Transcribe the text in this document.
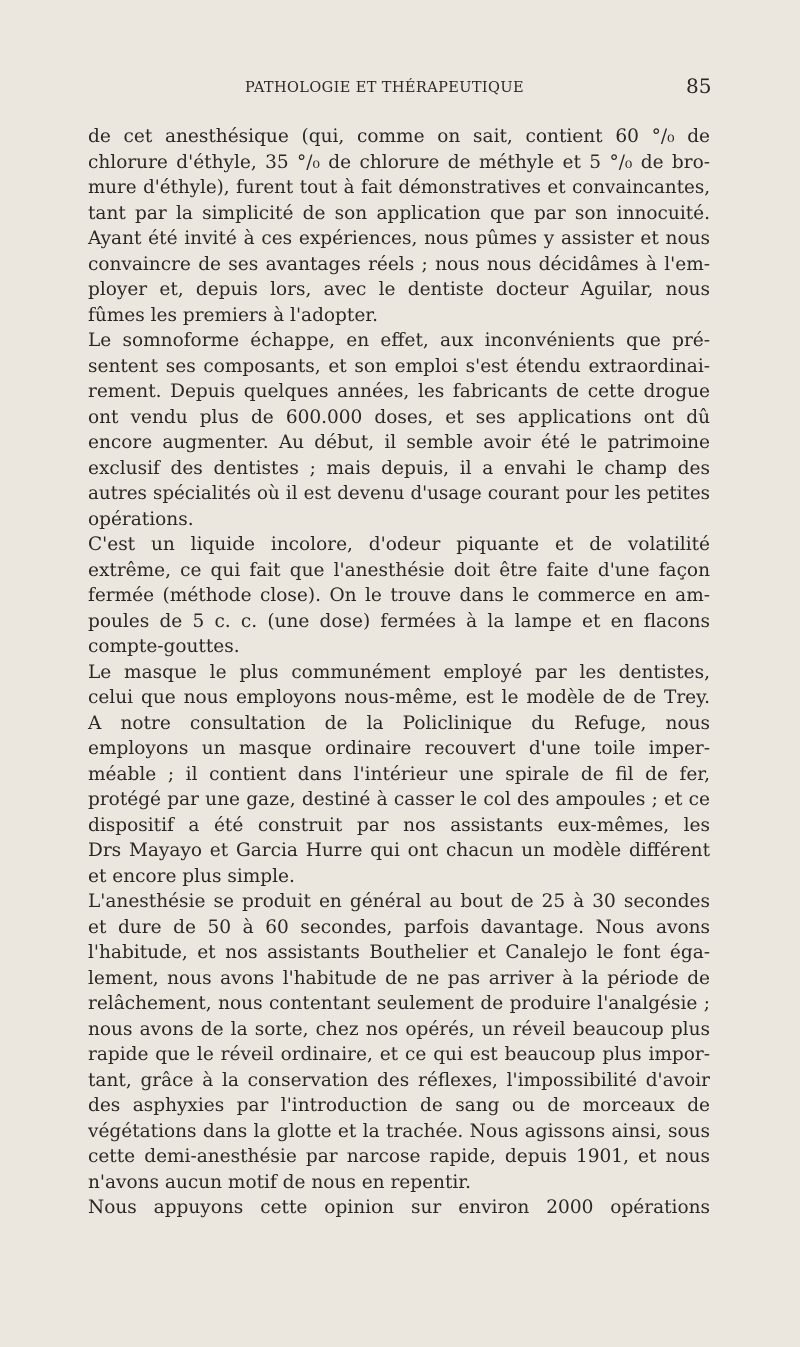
PATHOLOGIE ET THÉRAPEUTIQUE	85
de cet anesthésique (qui, comme on sait, contient 60 °/₀ de
chlorure d'éthyle, 35 °/₀ de chlorure de méthyle et 5 °/₀ de bro-
mure d'éthyle), furent tout à fait démonstratives et convaincantes,
tant par la simplicité de son application que par son innocuité.
Ayant été invité à ces expériences, nous pûmes y assister et nous
convaincre de ses avantages réels ; nous nous décidâmes à l'em-
ployer et, depuis lors, avec le dentiste docteur Aguilar, nous
fûmes les premiers à l'adopter.
Le somnoforme échappe, en effet, aux inconvénients que pré-
sentent ses composants, et son emploi s'est étendu extraordinai-
rement. Depuis quelques années, les fabricants de cette drogue
ont vendu plus de 600.000 doses, et ses applications ont dû
encore augmenter. Au début, il semble avoir été le patrimoine
exclusif des dentistes ; mais depuis, il a envahi le champ des
autres spécialités où il est devenu d'usage courant pour les petites
opérations.
C'est un liquide incolore, d'odeur piquante et de volatilité
extrême, ce qui fait que l'anesthésie doit être faite d'une façon
fermée (méthode close). On le trouve dans le commerce en am-
poules de 5 c. c. (une dose) fermées à la lampe et en flacons
compte-gouttes.
Le masque le plus communément employé par les dentistes,
celui que nous employons nous-même, est le modèle de de Trey.
A notre consultation de la Policlinique du Refuge, nous
employons un masque ordinaire recouvert d'une toile imper-
méable ; il contient dans l'intérieur une spirale de fil de fer,
protégé par une gaze, destiné à casser le col des ampoules ; et ce
dispositif a été construit par nos assistants eux-mêmes, les
Drs Mayayo et Garcia Hurre qui ont chacun un modèle différent
et encore plus simple.
L'anesthésie se produit en général au bout de 25 à 30 secondes
et dure de 50 à 60 secondes, parfois davantage. Nous avons
l'habitude, et nos assistants Bouthelier et Canalejo le font éga-
lement, nous avons l'habitude de ne pas arriver à la période de
relâchement, nous contentant seulement de produire l'analgésie ;
nous avons de la sorte, chez nos opérés, un réveil beaucoup plus
rapide que le réveil ordinaire, et ce qui est beaucoup plus impor-
tant, grâce à la conservation des réflexes, l'impossibilité d'avoir
des asphyxies par l'introduction de sang ou de morceaux de
végétations dans la glotte et la trachée. Nous agissons ainsi, sous
cette demi-anesthésie par narcose rapide, depuis 1901, et nous
n'avons aucun motif de nous en repentir.
Nous appuyons cette opinion sur environ 2000 opérations
